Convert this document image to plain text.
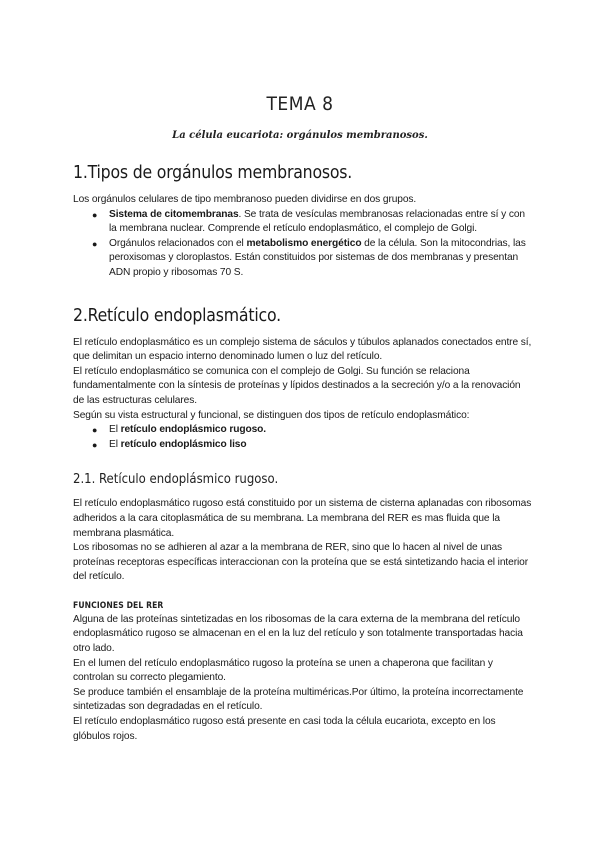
TEMA 8
La célula eucariota: orgánulos membranosos.
1.Tipos de orgánulos membranosos.

Los orgánulos celulares de tipo membranoso pueden dividirse en dos grupos.

● Sistema de citomembranas. Se trata de vesículas membranosas relacionadas entre sí y con la membrana nuclear. Comprende el retículo endoplasmático, el complejo de Golgi.
● Orgánulos relacionados con el metabolismo energético de la célula. Son la mitocondrias, las peroxisomas y cloroplastos. Están constituidos por sistemas de dos membranas y presentan ADN propio y ribosomas 70 S.
2.Retículo endoplasmático.

El retículo endoplasmático es un complejo sistema de sáculos y túbulos aplanados conectados entre sí, que delimitan un espacio interno denominado lumen o luz del retículo.

El retículo endoplasmático se comunica con el complejo de Golgi. Su función se relaciona fundamentalmente con la síntesis de proteínas y lípidos destinados a la secreción y/o a la renovación de las estructuras celulares.

Según su vista estructural y funcional, se distinguen dos tipos de retículo endoplasmático:

● El retículo endoplásmico rugoso.
● El retículo endoplásmico liso
2.1. Retículo endoplásmico rugoso.

El retículo endoplasmático rugoso está constituido por un sistema de cisterna aplanadas con ribosomas adheridos a la cara citoplasmática de su membrana. La membrana del RER es mas fluida que la membrana plasmática.

Los ribosomas no se adhieren al azar a la membrana de RER, sino que lo hacen al nivel de unas proteínas receptoras específicas interaccionan con la proteína que se está sintetizando hacia el interior del retículo.

FUNCIONES DEL RER

Alguna de las proteínas sintetizadas en los ribosomas de la cara externa de la membrana del retículo endoplasmático rugoso se almacenan en el en la luz del retículo y son totalmente transportadas hacia otro lado.

En el lumen del retículo endoplasmático rugoso la proteína se unen a chaperona que facilitan y controlan su correcto plegamiento.

Se produce también el ensamblaje de la proteína multiméricas.Por último, la proteína incorrectamente sintetizadas son degradadas en el retículo.

El retículo endoplasmático rugoso está presente en casi toda la célula eucariota, excepto en los glóbulos rojos.
